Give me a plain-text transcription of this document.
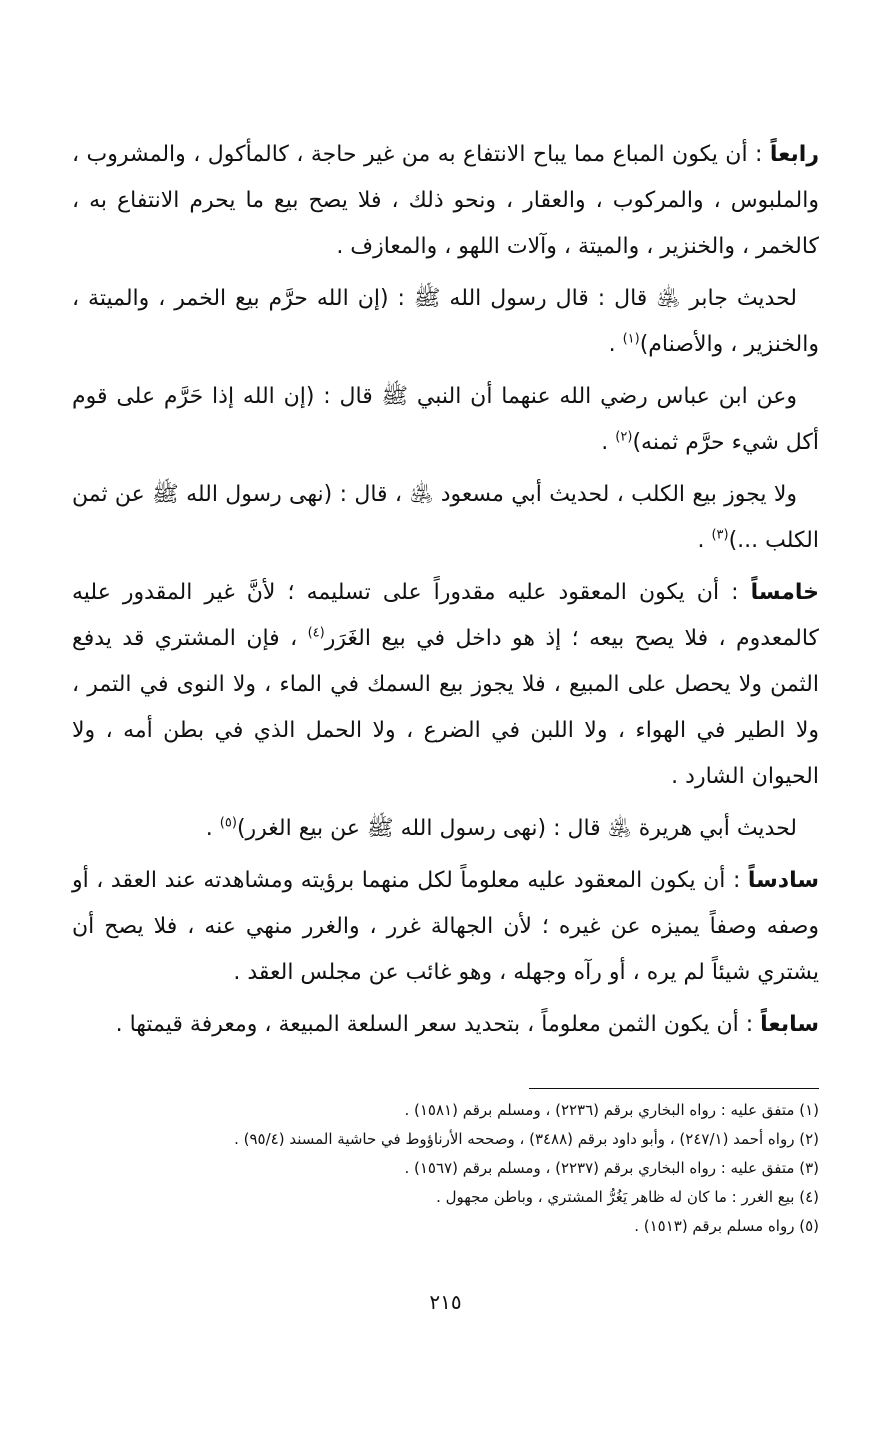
رابعاً : أن يكون المباع مما يباح الانتفاع به من غير حاجة ، كالمأكول ، والمشروب ، والملبوس ، والمركوب ، والعقار ، ونحو ذلك ، فلا يصح بيع ما يحرم الانتفاع به ، كالخمر ، والخنزير ، والميتة ، وآلات اللهو ، والمعازف .

لحديث جابر ﵁ قال : قال رسول الله ﷺ : (إن الله حرَّم بيع الخمر ، والميتة ، والخنزير ، والأصنام)$^{(١)}$ .

وعن ابن عباس رضي الله عنهما أن النبي ﷺ قال : (إن الله إذا حَرَّم على قوم أكل شيء حرَّم ثمنه)$^{(٢)}$ .

ولا يجوز بيع الكلب ، لحديث أبي مسعود ﵁ ، قال : (نهى رسول الله ﷺ عن ثمن الكلب ...)$^{(٣)}$ .

خامساً : أن يكون المعقود عليه مقدوراً على تسليمه ؛ لأنَّ غير المقدور عليه كالمعدوم ، فلا يصح بيعه ؛ إذ هو داخل في بيع الغَرَر$^{(٤)}$ ، فإن المشتري قد يدفع الثمن ولا يحصل على المبيع ، فلا يجوز بيع السمك في الماء ، ولا النوى في التمر ، ولا الطير في الهواء ، ولا اللبن في الضرع ، ولا الحمل الذي في بطن أمه ، ولا الحيوان الشارد .

لحديث أبي هريرة ﵁ قال : (نهى رسول الله ﷺ عن بيع الغرر)$^{(٥)}$ .

سادساً : أن يكون المعقود عليه معلوماً لكل منهما برؤيته ومشاهدته عند العقد ، أو وصفه وصفاً يميزه عن غيره ؛ لأن الجهالة غرر ، والغرر منهي عنه ، فلا يصح أن يشتري شيئاً لم يره ، أو رآه وجهله ، وهو غائب عن مجلس العقد .

سابعاً : أن يكون الثمن معلوماً ، بتحديد سعر السلعة المبيعة ، ومعرفة قيمتها .

(١) متفق عليه : رواه البخاري برقم (٢٢٣٦) ، ومسلم برقم (١٥٨١) .

(٢) رواه أحمد (٢٤٧/١) ، وأبو داود برقم (٣٤٨٨) ، وصححه الأرناؤوط في حاشية المسند (٩٥/٤) .

(٣) متفق عليه : رواه البخاري برقم (٢٢٣٧) ، ومسلم برقم (١٥٦٧) .

(٤) بيع الغرر : ما كان له ظاهر يَغُرُّ المشتري ، وباطن مجهول .

(٥) رواه مسلم برقم (١٥١٣) .

٢١٥
